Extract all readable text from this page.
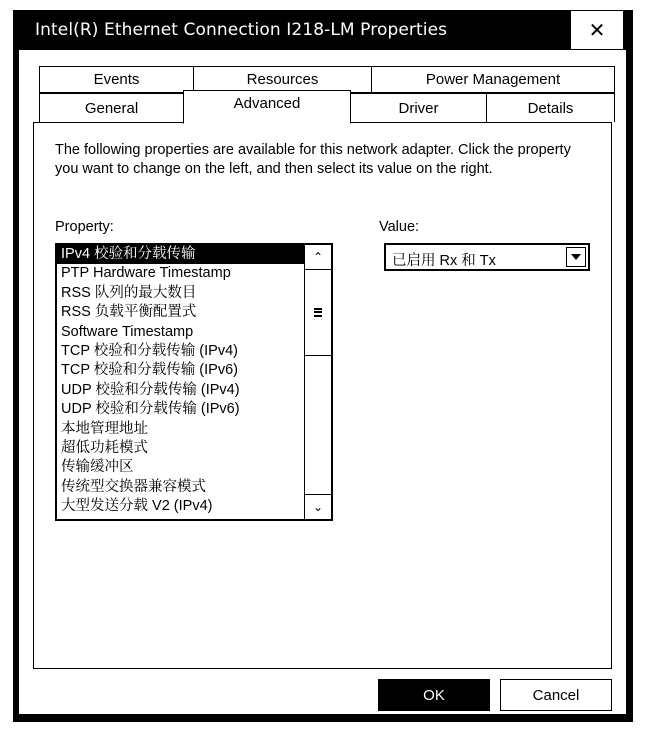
Intel(R) Ethernet Connection I218-LM Properties	✕
Events	Resources	Power Management
General	Driver	Details
The following properties are available for this network adapter. Click the property you want to change on the left, and then select its value on the right.
Property:	Value:
IPv4 校验和分载传输
PTP Hardware Timestamp
RSS 队列的最大数目
RSS 负载平衡配置式
Software Timestamp
TCP 校验和分载传输 (IPv4)
TCP 校验和分载传输 (IPv6)
UDP 校验和分载传输 (IPv4)
UDP 校验和分载传输 (IPv6)
本地管理地址
超低功耗模式
传输缓冲区
传统型交换器兼容模式
大型发送分载 V2 (IPv4)
⌃
⌄
已启用 Rx 和 Tx
Advanced
OK	Cancel
